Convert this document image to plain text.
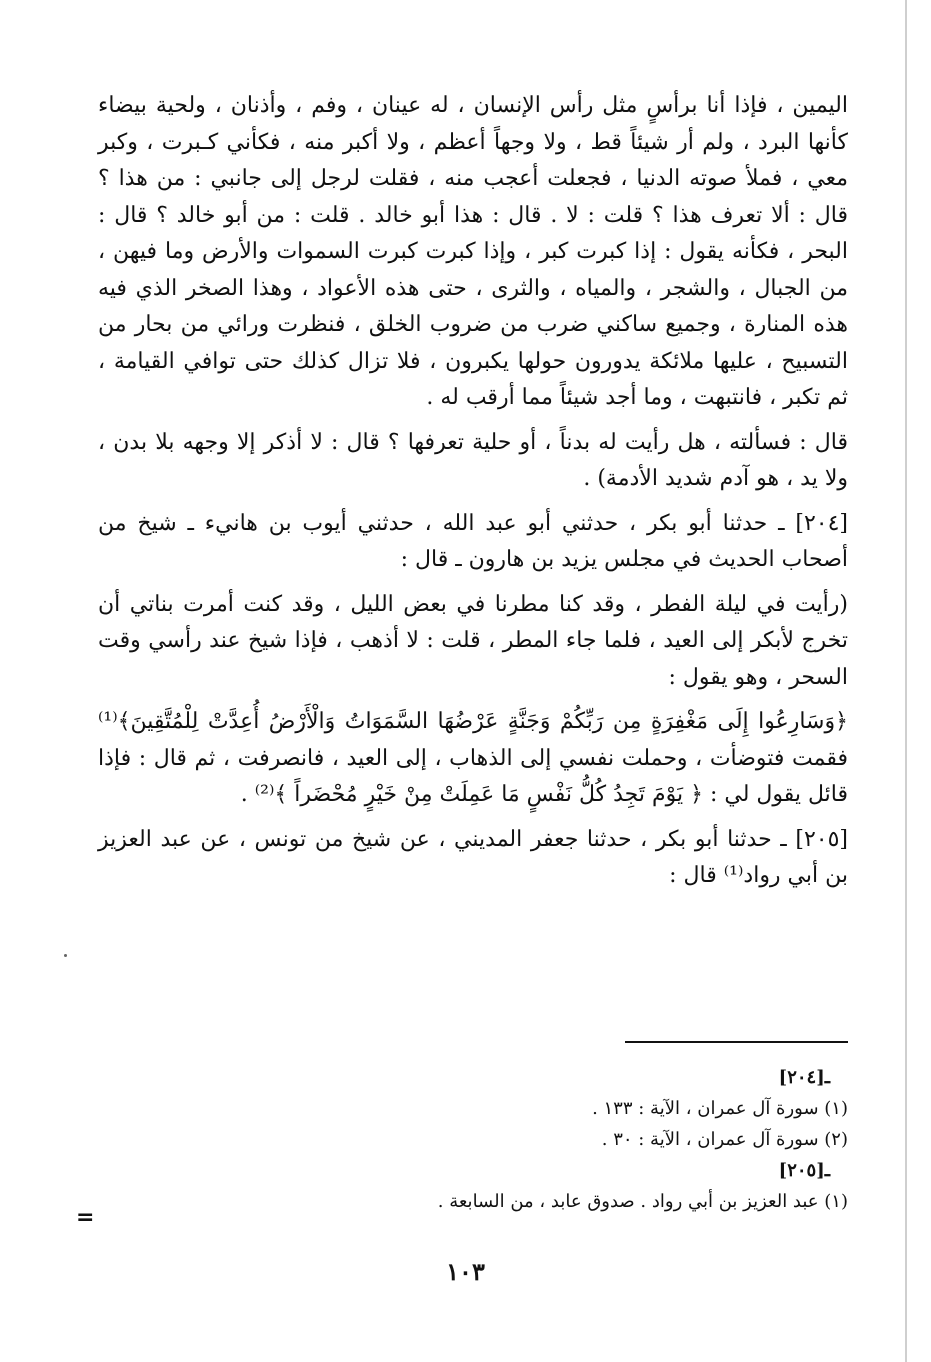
اليمين ، فإذا أنا برأسٍ مثل رأس الإنسان ، له عينان ، وفم ، وأذنان ، ولحية بيضاء كأنها البرد ، ولم أر شيئاً قط ، ولا وجهاً أعظم ، ولا أكبر منه ، فكأني كـبرت ، وكبر معي ، فملأ صوته الدنيا ، فجعلت أعجب منه ، فقلت لرجل إلى جانبي : من هذا ؟ قال : ألا تعرف هذا ؟ قلت : لا . قال : هذا أبو خالد . قلت : من أبو خالد ؟ قال : البحر ، فكأنه يقول : إذا كبرت كبر ، وإذا كبرت كبرت السموات والأرض وما فيهن ، من الجبال ، والشجر ، والمياه ، والثرى ، حتى هذه الأعواد ، وهذا الصخر الذي فيه هذه المنارة ، وجميع ساكني ضرب من ضروب الخلق ، فنظرت ورائي من بحار من التسبيح ، عليها ملائكة يدورون حولها يكبرون ، فلا تزال كذلك حتى توافي القيامة ، ثم تكبر ، فانتبهت ، وما أجد شيئاً مما أرقب له .

قال : فسألته ، هل رأيت له بدناً ، أو حلية تعرفها ؟ قال : لا أذكر إلا وجهه بلا بدن ، ولا يد ، هو آدم شديد الأدمة) .

[٢٠٤] ـ حدثنا أبو بكر ، حدثني أبو عبد الله ، حدثني أيوب بن هانيء ـ شيخ من أصحاب الحديث في مجلس يزيد بن هارون ـ قال :

(رأيت في ليلة الفطر ، وقد كنا مطرنا في بعض الليل ، وقد كنت أمرت بناتي أن تخرج لأبكر إلى العيد ، فلما جاء المطر ، قلت : لا أذهب ، فإذا شيخ عند رأسي وقت السحر ، وهو يقول :

﴿وَسَارِعُوا إِلَى مَغْفِرَةٍ مِن رَبِّكُمْ وَجَنَّةٍ عَرْضُهَا السَّمَوَاتُ وَالْأَرْضُ أُعِدَّتْ لِلْمُتَّقِينَ﴾⁽¹⁾ فقمت فتوضأت ، وحملت نفسي إلى الذهاب ، إلى العيد ، فانصرفت ، ثم قال : فإذا قائل يقول لي : ﴿ يَوْمَ تَجِدُ كُلُّ نَفْسٍ مَا عَمِلَتْ مِنْ خَيْرٍ مُحْضَراً ﴾⁽²⁾ .

[٢٠٥] ـ حدثنا أبو بكر ، حدثنا جعفر المديني ، عن شيخ من تونس ، عن عبد العزيز بن أبي رواد⁽¹⁾ قال :

ـ[٢٠٤]
(١) سورة آل عمران ، الآية : ١٣٣ .
(٢) سورة آل عمران ، الآية : ٣٠ .
ـ[٢٠٥]
(١) عبد العزيز بن أبي رواد . صدوق عابد ، من السابعة .
=
١٠٣
